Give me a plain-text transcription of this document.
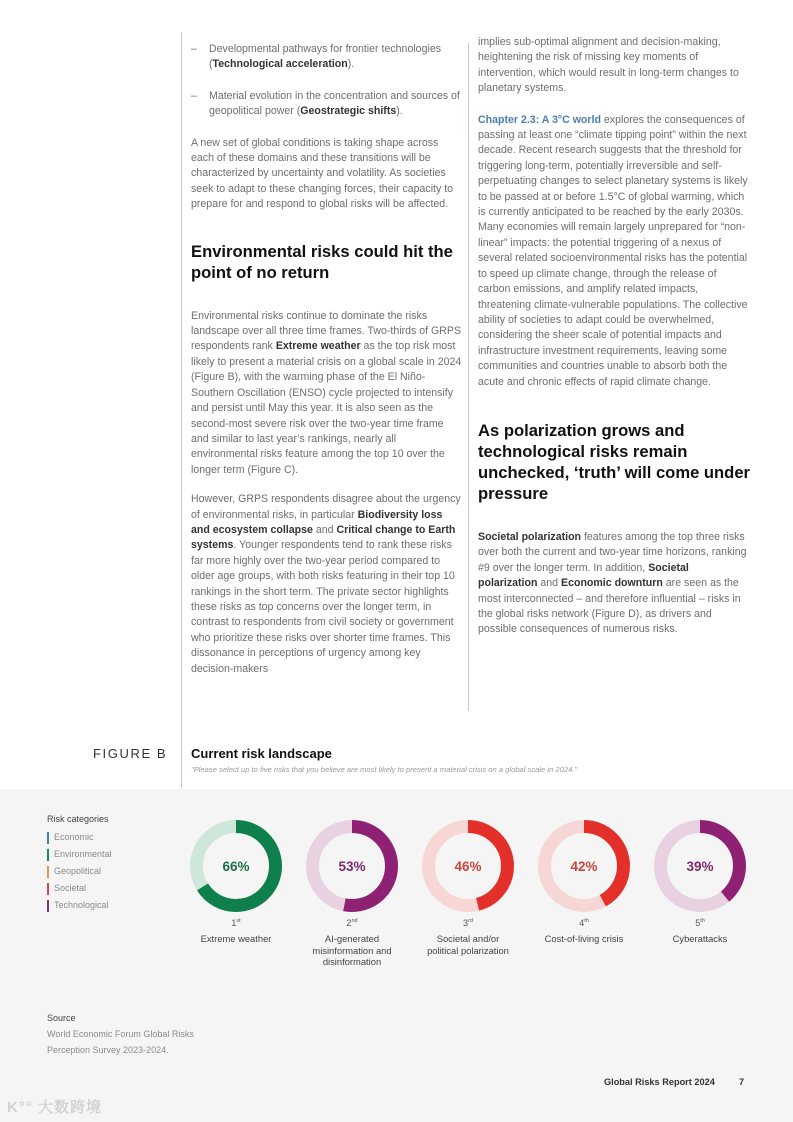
– Developmental pathways for frontier technologies (Technological acceleration).
– Material evolution in the concentration and sources of geopolitical power (Geostrategic shifts).

A new set of global conditions is taking shape across each of these domains and these transitions will be characterized by uncertainty and volatility. As societies seek to adapt to these changing forces, their capacity to prepare for and respond to global risks will be affected.

Environmental risks could hit the point of no return

Environmental risks continue to dominate the risks landscape over all three time frames. Two-thirds of GRPS respondents rank Extreme weather as the top risk most likely to present a material crisis on a global scale in 2024 (Figure B), with the warming phase of the El Niño-Southern Oscillation (ENSO) cycle projected to intensify and persist until May this year. It is also seen as the second-most severe risk over the two-year time frame and similar to last year’s rankings, nearly all environmental risks feature among the top 10 over the longer term (Figure C).

However, GRPS respondents disagree about the urgency of environmental risks, in particular Biodiversity loss and ecosystem collapse and Critical change to Earth systems. Younger respondents tend to rank these risks far more highly over the two-year period compared to older age groups, with both risks featuring in their top 10 rankings in the short term. The private sector highlights these risks as top concerns over the longer term, in contrast to respondents from civil society or government who prioritize these risks over shorter time frames. This dissonance in perceptions of urgency among key decision-makers

implies sub-optimal alignment and decision-making, heightening the risk of missing key moments of intervention, which would result in long-term changes to planetary systems.

Chapter 2.3: A 3°C world explores the consequences of passing at least one “climate tipping point” within the next decade. Recent research suggests that the threshold for triggering long-term, potentially irreversible and self-perpetuating changes to select planetary systems is likely to be passed at or before 1.5°C of global warming, which is currently anticipated to be reached by the early 2030s. Many economies will remain largely unprepared for “non-linear” impacts: the potential triggering of a nexus of several related socioenvironmental risks has the potential to speed up climate change, through the release of carbon emissions, and amplify related impacts, threatening climate-vulnerable populations. The collective ability of societies to adapt could be overwhelmed, considering the sheer scale of potential impacts and infrastructure investment requirements, leaving some communities and countries unable to absorb both the acute and chronic effects of rapid climate change.

As polarization grows and technological risks remain unchecked, ‘truth’ will come under pressure

Societal polarization features among the top three risks over both the current and two-year time horizons, ranking #9 over the longer term. In addition, Societal polarization and Economic downturn are seen as the most interconnected – and therefore influential – risks in the global risks network (Figure D), as drivers and possible consequences of numerous risks.

FIGURE B Current risk landscape
"Please select up to five risks that you believe are most likely to present a material crisis on a global scale in 2024."
Risk categories
Economic
Environmental
Geopolitical
Societal
Technological
66%
1st
Extreme weather
53%
2nd
AI-generated misinformation and disinformation
46%
3rd
Societal and/or political polarization
42%
4th
Cost-of-living crisis
39%
5th
Cyberattacks
Source
World Economic Forum Global Risks Perception Survey 2023-2024.
Global Risks Report 2024	7
K°° 大数跨境
